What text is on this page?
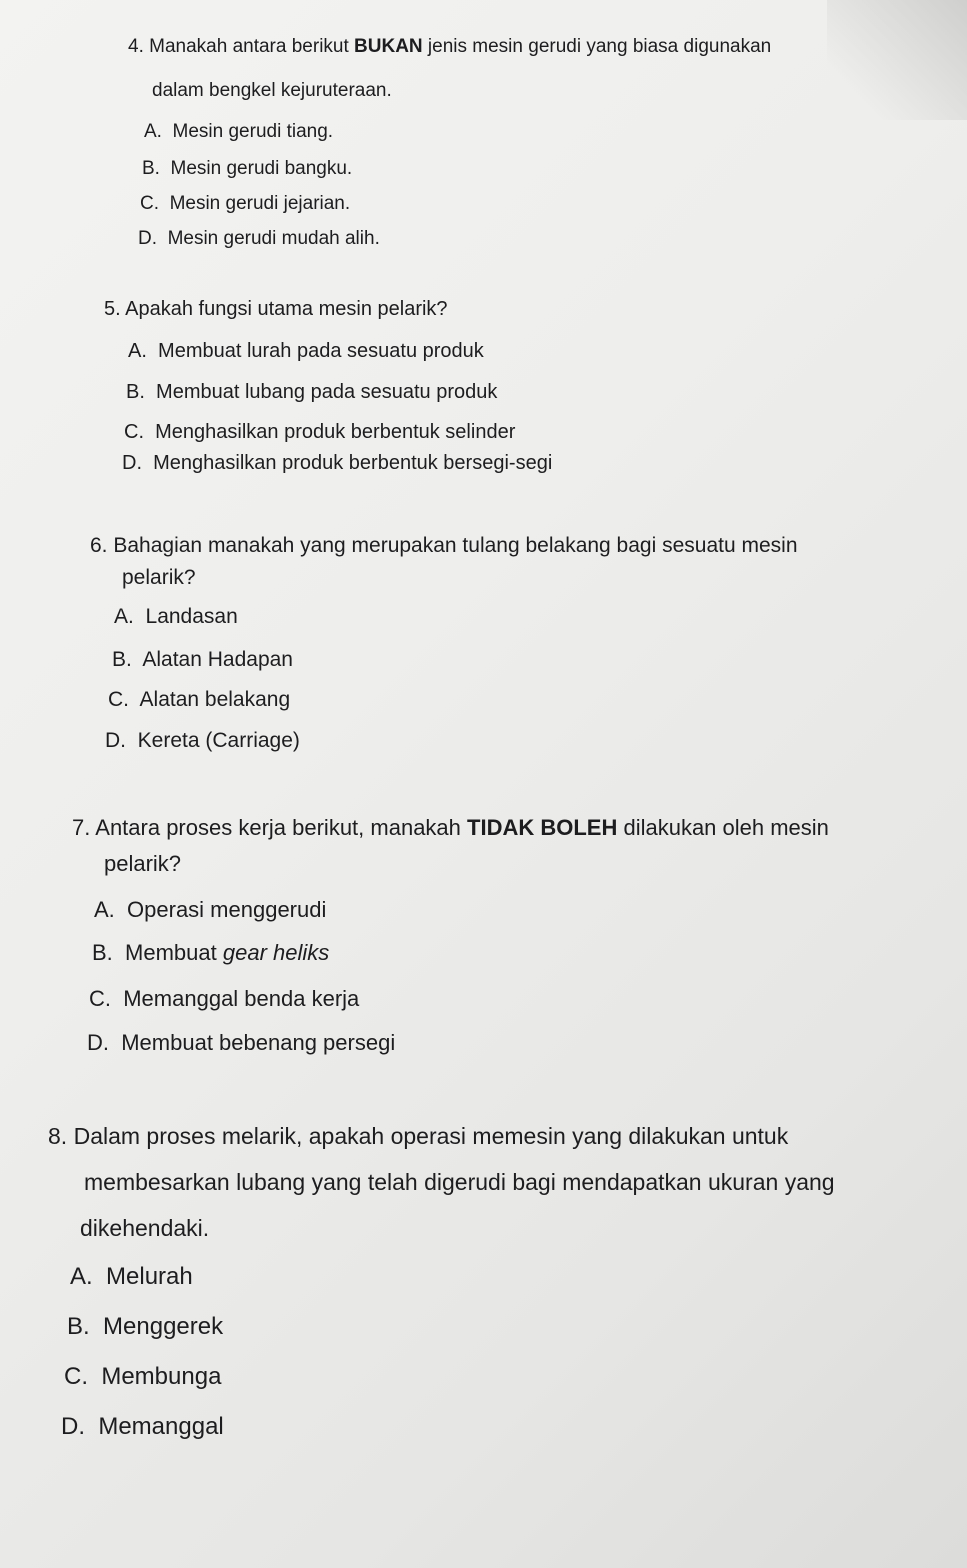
4. Manakah antara berikut BUKAN jenis mesin gerudi yang biasa digunakan
dalam bengkel kejuruteraan.
A. Mesin gerudi tiang.
B. Mesin gerudi bangku.
C. Mesin gerudi jejarian.
D. Mesin gerudi mudah alih.
5. Apakah fungsi utama mesin pelarik?
A. Membuat lurah pada sesuatu produk
B. Membuat lubang pada sesuatu produk
C. Menghasilkan produk berbentuk selinder
D. Menghasilkan produk berbentuk bersegi-segi
6. Bahagian manakah yang merupakan tulang belakang bagi sesuatu mesin
pelarik?
A. Landasan
B. Alatan Hadapan
C. Alatan belakang
D. Kereta (Carriage)
7. Antara proses kerja berikut, manakah TIDAK BOLEH dilakukan oleh mesin
pelarik?
A. Operasi menggerudi
B. Membuat gear heliks
C. Memanggal benda kerja
D. Membuat bebenang persegi
8. Dalam proses melarik, apakah operasi memesin yang dilakukan untuk
membesarkan lubang yang telah digerudi bagi mendapatkan ukuran yang
dikehendaki.
A. Melurah
B. Menggerek
C. Membunga
D. Memanggal
